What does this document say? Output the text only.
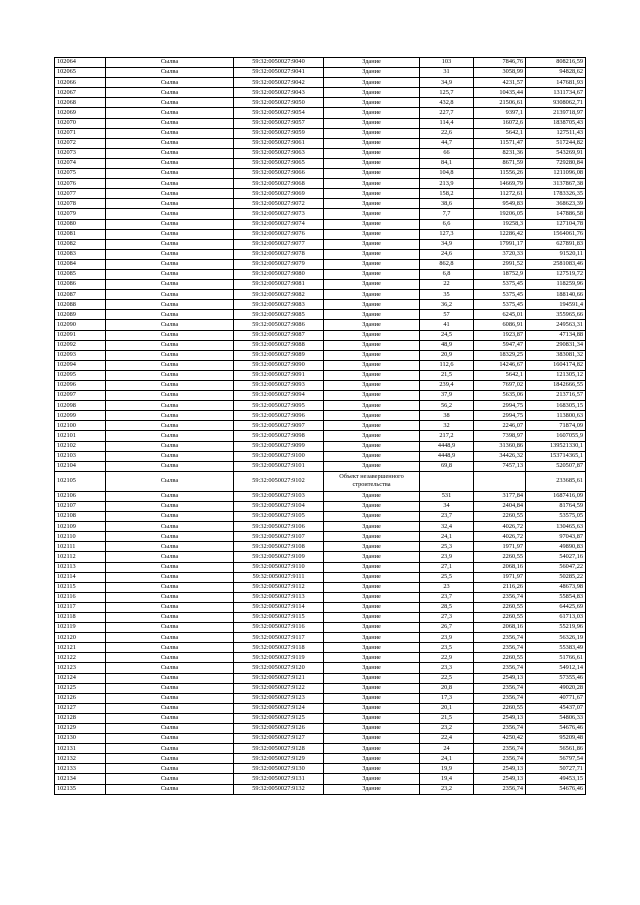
102064	Сылва	59:32:0050027:9040	Здание	103	7846,76	808216,59
102065	Сылва	59:32:0050027:9041	Здание	31	3058,99	94828,62
102066	Сылва	59:32:0050027:9042	Здание	34,9	4231,57	147681,93
102067	Сылва	59:32:0050027:9043	Здание	125,7	10435,44	1311734,67
102068	Сылва	59:32:0050027:9050	Здание	432,8	21506,61	9308062,71
102069	Сылва	59:32:0050027:9054	Здание	227,7	9397,1	2139718,97
102070	Сылва	59:32:0050027:9057	Здание	114,4	16072,6	1838705,43
102071	Сылва	59:32:0050027:9059	Здание	22,6	5642,1	127511,43
102072	Сылва	59:32:0050027:9061	Здание	44,7	11571,47	517244,82
102073	Сылва	59:32:0050027:9063	Здание	66	8231,36	543269,91
102074	Сылва	59:32:0050027:9065	Здание	84,1	8671,59	729280,84
102075	Сылва	59:32:0050027:9066	Здание	104,8	11556,26	1211096,08
102076	Сылва	59:32:0050027:9068	Здание	213,9	14669,79	3137867,38
102077	Сылва	59:32:0050027:9069	Здание	158,2	11272,61	1783326,35
102078	Сылва	59:32:0050027:9072	Здание	38,6	9549,83	368623,39
102079	Сылва	59:32:0050027:9073	Здание	7,7	19206,05	147886,58
102080	Сылва	59:32:0050027:9074	Здание	6,6	19258,3	127104,78
102081	Сылва	59:32:0050027:9076	Здание	127,3	12286,42	1564061,76
102082	Сылва	59:32:0050027:9077	Здание	34,9	17991,17	627891,83
102083	Сылва	59:32:0050027:9078	Здание	24,6	3720,33	91520,11
102084	Сылва	59:32:0050027:9079	Здание	862,8	2991,52	2581083,46
102085	Сылва	59:32:0050027:9080	Здание	6,8	18752,9	127519,72
102086	Сылва	59:32:0050027:9081	Здание	22	5375,45	118259,96
102087	Сылва	59:32:0050027:9082	Здание	35	5375,45	188140,66
102088	Сылва	59:32:0050027:9083	Здание	36,2	5375,45	194591,4
102089	Сылва	59:32:0050027:9085	Здание	57	6245,01	355965,66
102090	Сылва	59:32:0050027:9086	Здание	41	6086,91	249563,31
102091	Сылва	59:32:0050027:9087	Здание	24,5	1923,87	47134,88
102092	Сылва	59:32:0050027:9088	Здание	48,9	5947,47	290831,34
102093	Сылва	59:32:0050027:9089	Здание	20,9	18329,25	383081,32
102094	Сылва	59:32:0050027:9090	Здание	112,6	14246,67	1604174,82
102095	Сылва	59:32:0050027:9091	Здание	21,5	5642,1	121305,12
102096	Сылва	59:32:0050027:9093	Здание	239,4	7697,02	1842666,55
102097	Сылва	59:32:0050027:9094	Здание	37,9	5635,06	213716,57
102098	Сылва	59:32:0050027:9095	Здание	56,2	2994,75	168305,15
102099	Сылва	59:32:0050027:9096	Здание	38	2994,75	113800,63
102100	Сылва	59:32:0050027:9097	Здание	32	2246,07	71874,09
102101	Сылва	59:32:0050027:9098	Здание	217,2	7398,97	1607055,9
102102	Сылва	59:32:0050027:9099	Здание	4448,9	31360,86	139521330,1
102103	Сылва	59:32:0050027:9100	Здание	4448,9	34426,32	153714365,1
102104	Сылва	59:32:0050027:9101	Здание	69,8	7457,13	520507,87
102105	Сылва	59:32:0050027:9102	Объект незавершенного строительства			233685,61
102106	Сылва	59:32:0050027:9103	Здание	531	3177,84	1687416,09
102107	Сылва	59:32:0050027:9104	Здание	34	2404,84	81764,59
102108	Сылва	59:32:0050027:9105	Здание	23,7	2260,55	53575,05
102109	Сылва	59:32:0050027:9106	Здание	32,4	4026,72	130465,63
102110	Сылва	59:32:0050027:9107	Здание	24,1	4026,72	97043,87
102111	Сылва	59:32:0050027:9108	Здание	25,3	1971,97	49890,83
102112	Сылва	59:32:0050027:9109	Здание	23,9	2260,55	54027,16
102113	Сылва	59:32:0050027:9110	Здание	27,1	2068,16	56047,22
102114	Сылва	59:32:0050027:9111	Здание	25,5	1971,97	50285,22
102115	Сылва	59:32:0050027:9112	Здание	23	2116,26	48673,98
102116	Сылва	59:32:0050027:9113	Здание	23,7	2356,74	55854,83
102117	Сылва	59:32:0050027:9114	Здание	28,5	2260,55	64425,69
102118	Сылва	59:32:0050027:9115	Здание	27,3	2260,55	61713,03
102119	Сылва	59:32:0050027:9116	Здание	26,7	2068,16	55219,96
102120	Сылва	59:32:0050027:9117	Здание	23,9	2356,74	56326,19
102121	Сылва	59:32:0050027:9118	Здание	23,5	2356,74	55383,49
102122	Сылва	59:32:0050027:9119	Здание	22,9	2260,55	51766,61
102123	Сылва	59:32:0050027:9120	Здание	23,3	2356,74	54912,14
102124	Сылва	59:32:0050027:9121	Здание	22,5	2549,13	57355,46
102125	Сылва	59:32:0050027:9122	Здание	20,8	2356,74	49020,28
102126	Сылва	59:32:0050027:9123	Здание	17,3	2356,74	40771,67
102127	Сылва	59:32:0050027:9124	Здание	20,1	2260,55	45437,07
102128	Сылва	59:32:0050027:9125	Здание	21,5	2549,13	54806,33
102129	Сылва	59:32:0050027:9126	Здание	23,2	2356,74	54676,46
102130	Сылва	59:32:0050027:9127	Здание	22,4	4250,42	95209,48
102131	Сылва	59:32:0050027:9128	Здание	24	2356,74	56561,86
102132	Сылва	59:32:0050027:9129	Здание	24,1	2356,74	56797,54
102133	Сылва	59:32:0050027:9130	Здание	19,9	2549,13	50727,71
102134	Сылва	59:32:0050027:9131	Здание	19,4	2549,13	49453,15
102135	Сылва	59:32:0050027:9132	Здание	23,2	2356,74	54676,46
